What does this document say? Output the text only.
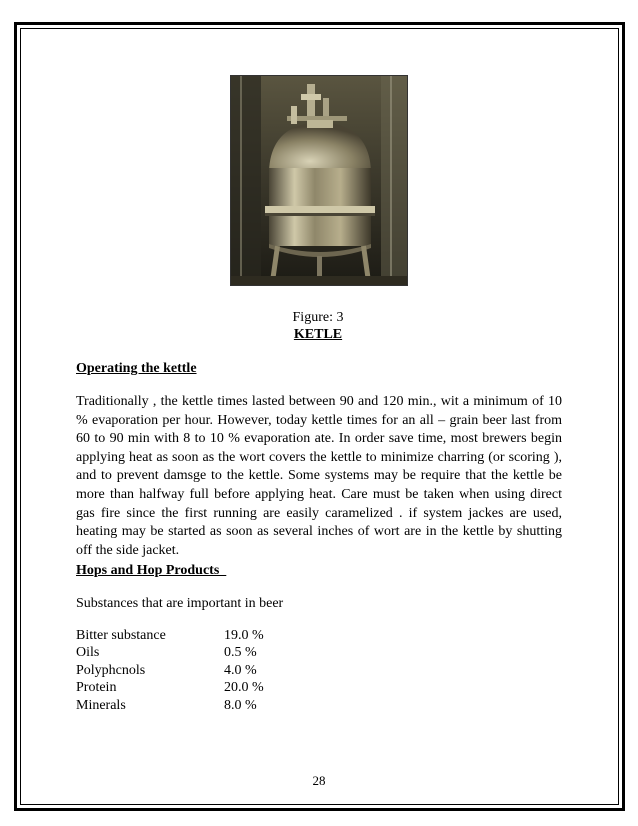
Figure: 3
KETLE
Operating the kettle

Traditionally , the kettle times lasted between 90 and 120 min., wit a minimum of 10 % evaporation per hour. However, today kettle times for an all – grain beer last from 60 to 90 min with 8 to 10 % evaporation ate. In order save time, most brewers begin applying heat as soon as the wort covers the kettle to minimize charring (or scoring ), and to prevent damsge to the kettle. Some systems may be require that the kettle be more than halfway full before applying heat. Care must be taken when using direct gas fire since the first running are easily caramelized . if system jackes are used, heating may be started as soon as several inches of wort are in the kettle by shutting off the side jacket.

Hops and Hop Products
Substances that are important in beer
Bitter substance	19.0 %
Oils	0.5 %
Polyphcnols	4.0 %
Protein	20.0 %
Minerals	8.0 %
28
